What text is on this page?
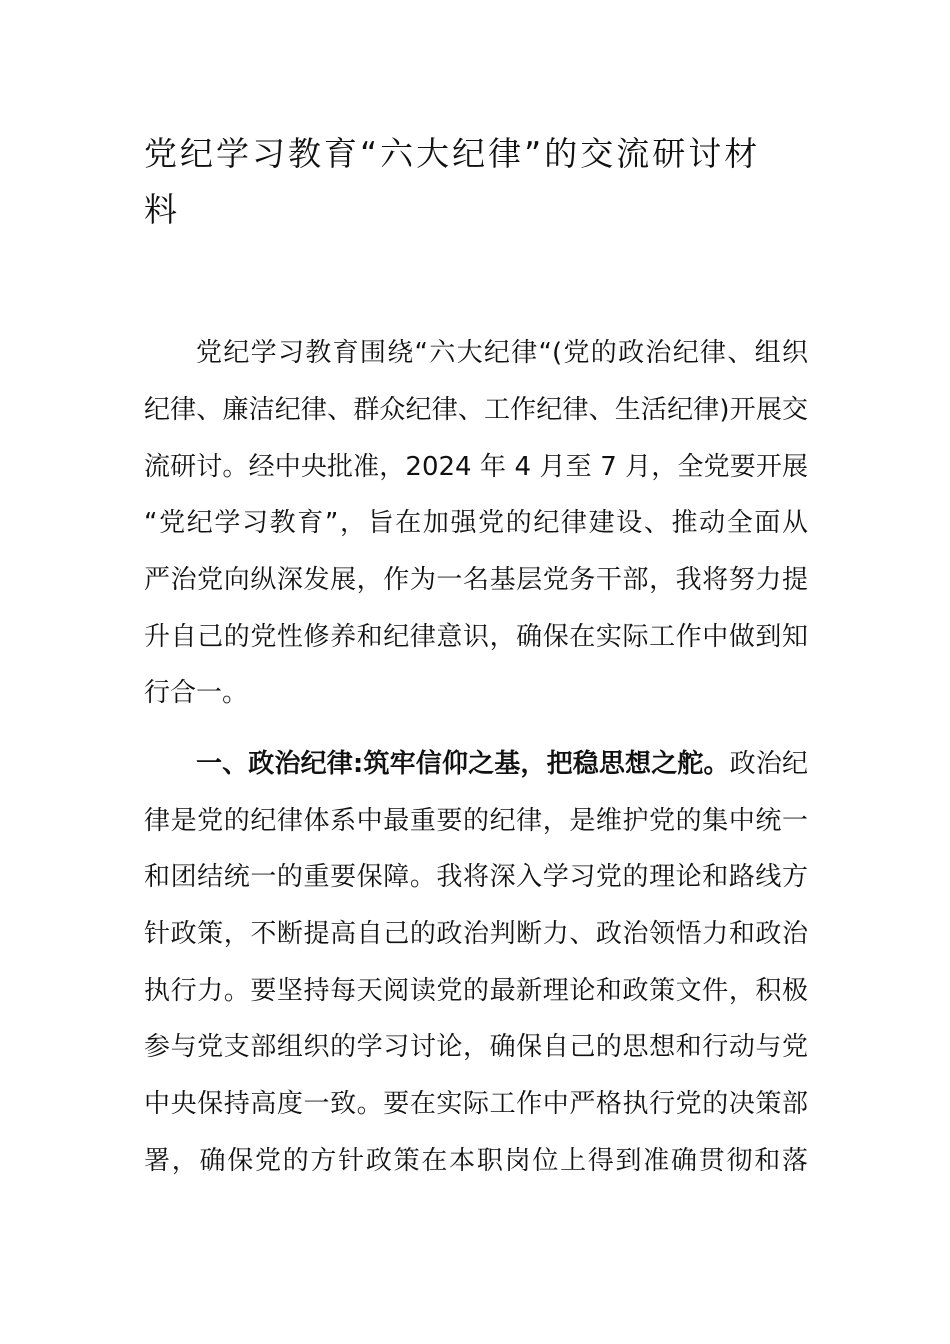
党纪学习教育“六大纪律”的交流研讨材
料
党纪学习教育围绕“六大纪律“(党的政治纪律、组织
纪律、廉洁纪律、群众纪律、工作纪律、生活纪律)开展交
流研讨。经中央批准，2024 年 4 月至 7 月，全党要开展
“党纪学习教育”，旨在加强党的纪律建设、推动全面从
严治党向纵深发展，作为一名基层党务干部，我将努力提
升自己的党性修养和纪律意识，确保在实际工作中做到知
行合一。
一、政治纪律:筑牢信仰之基，把稳思想之舵。政治纪
律是党的纪律体系中最重要的纪律，是维护党的集中统一
和团结统一的重要保障。我将深入学习党的理论和路线方
针政策，不断提高自己的政治判断力、政治领悟力和政治
执行力。要坚持每天阅读党的最新理论和政策文件，积极
参与党支部组织的学习讨论，确保自己的思想和行动与党
中央保持高度一致。要在实际工作中严格执行党的决策部
署，确保党的方针政策在本职岗位上得到准确贯彻和落
